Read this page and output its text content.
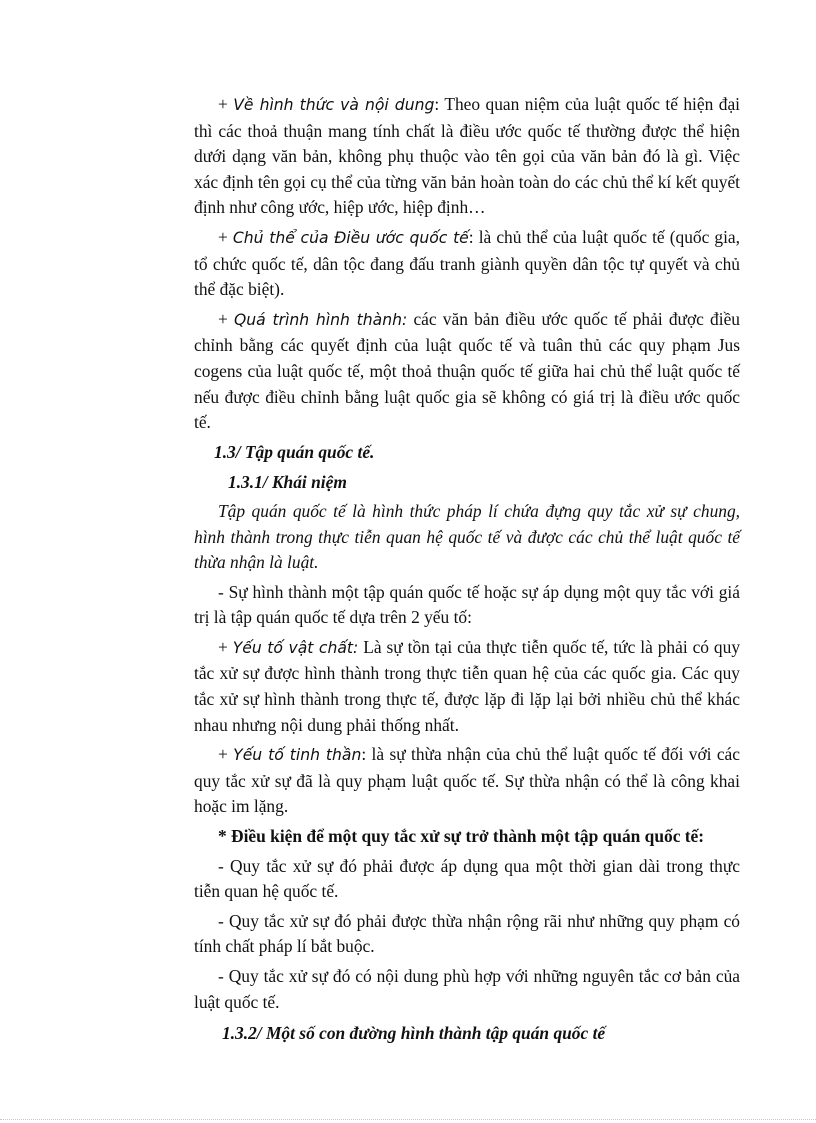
+ Về hình thức và nội dung: Theo quan niệm của luật quốc tế hiện đại thì các thoả thuận mang tính chất là điều ước quốc tế thường được thể hiện dưới dạng văn bản, không phụ thuộc vào tên gọi của văn bản đó là gì. Việc xác định tên gọi cụ thể của từng văn bản hoàn toàn do các chủ thể kí kết quyết định như công ước, hiệp ước, hiệp định…

+ Chủ thể của Điều ước quốc tế: là chủ thể của luật quốc tế (quốc gia, tổ chức quốc tế, dân tộc đang đấu tranh giành quyền dân tộc tự quyết và chủ thể đặc biệt).

+ Quá trình hình thành: các văn bản điều ước quốc tế phải được điều chỉnh bằng các quyết định của luật quốc tế và tuân thủ các quy phạm Jus cogens của luật quốc tế, một thoả thuận quốc tế giữa hai chủ thể luật quốc tế nếu được điều chỉnh bằng luật quốc gia sẽ không có giá trị là điều ước quốc tế.

1.3/ Tập quán quốc tế.

1.3.1/ Khái niệm

Tập quán quốc tế là hình thức pháp lí chứa đựng quy tắc xử sự chung, hình thành trong thực tiễn quan hệ quốc tế và được các chủ thể luật quốc tế thừa nhận là luật.

- Sự hình thành một tập quán quốc tế hoặc sự áp dụng một quy tắc với giá trị là tập quán quốc tế dựa trên 2 yếu tố:

+ Yếu tố vật chất: Là sự tồn tại của thực tiễn quốc tế, tức là phải có quy tắc xử sự được hình thành trong thực tiễn quan hệ của các quốc gia. Các quy tắc xử sự hình thành trong thực tế, được lặp đi lặp lại bởi nhiều chủ thể khác nhau nhưng nội dung phải thống nhất.

+ Yếu tố tinh thần: là sự thừa nhận của chủ thể luật quốc tế đối với các quy tắc xử sự đã là quy phạm luật quốc tế. Sự thừa nhận có thể là công khai hoặc im lặng.

* Điều kiện để một quy tắc xử sự trở thành một tập quán quốc tế:

- Quy tắc xử sự đó phải được áp dụng qua một thời gian dài trong thực tiễn quan hệ quốc tế.

- Quy tắc xử sự đó phải được thừa nhận rộng rãi như những quy phạm có tính chất pháp lí bắt buộc.

- Quy tắc xử sự đó có nội dung phù hợp với những nguyên tắc cơ bản của luật quốc tế.

1.3.2/ Một số con đường hình thành tập quán quốc tế
